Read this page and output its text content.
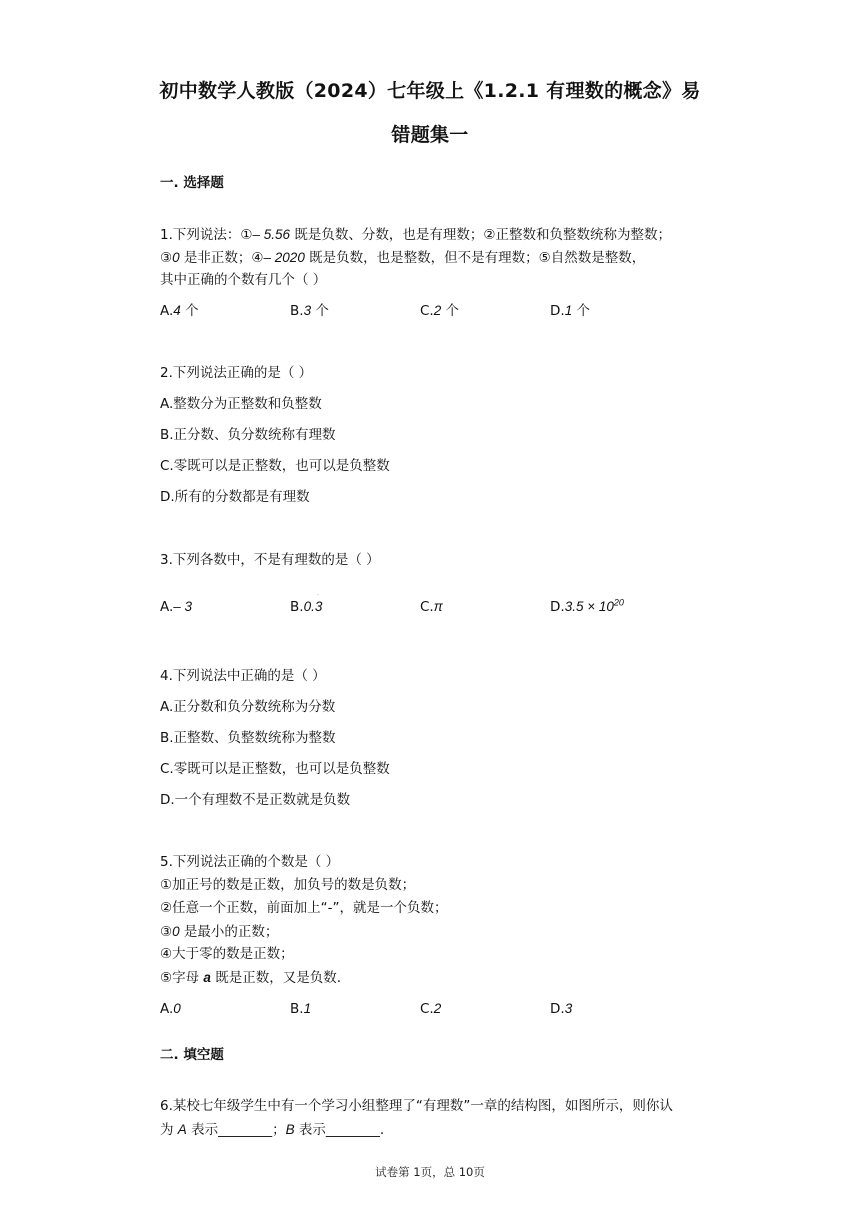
初中数学人教版（2024）七年级上《1.2.1 有理数的概念》易
错题集一
一. 选择题
1.下列说法：①– 5.56 既是负数、分数，也是有理数；②正整数和负整数统称为整数；
③0 是非正数；④– 2020 既是负数，也是整数，但不是有理数；⑤自然数是整数，
其中正确的个数有几个（ ）
A.4 个	B.3 个	C.2 个	D.1 个
2.下列说法正确的是（ ）
A.整数分为正整数和负整数
B.正分数、负分数统称有理数
C.零既可以是正整数，也可以是负整数
D.所有的分数都是有理数
3.下列各数中，不是有理数的是（ ）
·
A.– 3	B.0.3	C.π	$D.3.5 \times 10^{20}$
4.下列说法中正确的是（ ）
A.正分数和负分数统称为分数
B.正整数、负整数统称为整数
C.零既可以是正整数，也可以是负整数
D.一个有理数不是正数就是负数
5.下列说法正确的个数是（ ）
①加正号的数是正数，加负号的数是负数；
②任意一个正数，前面加上“-”，就是一个负数；
③0 是最小的正数；
④大于零的数是正数；
⑤字母 a 既是正数，又是负数.
A.0	B.1	C.2	D.3
二. 填空题
6.某校七年级学生中有一个学习小组整理了“有理数”一章的结构图，如图所示，则你认
为 A 表示________；B 表示________.
试卷第 1页，总 10页
